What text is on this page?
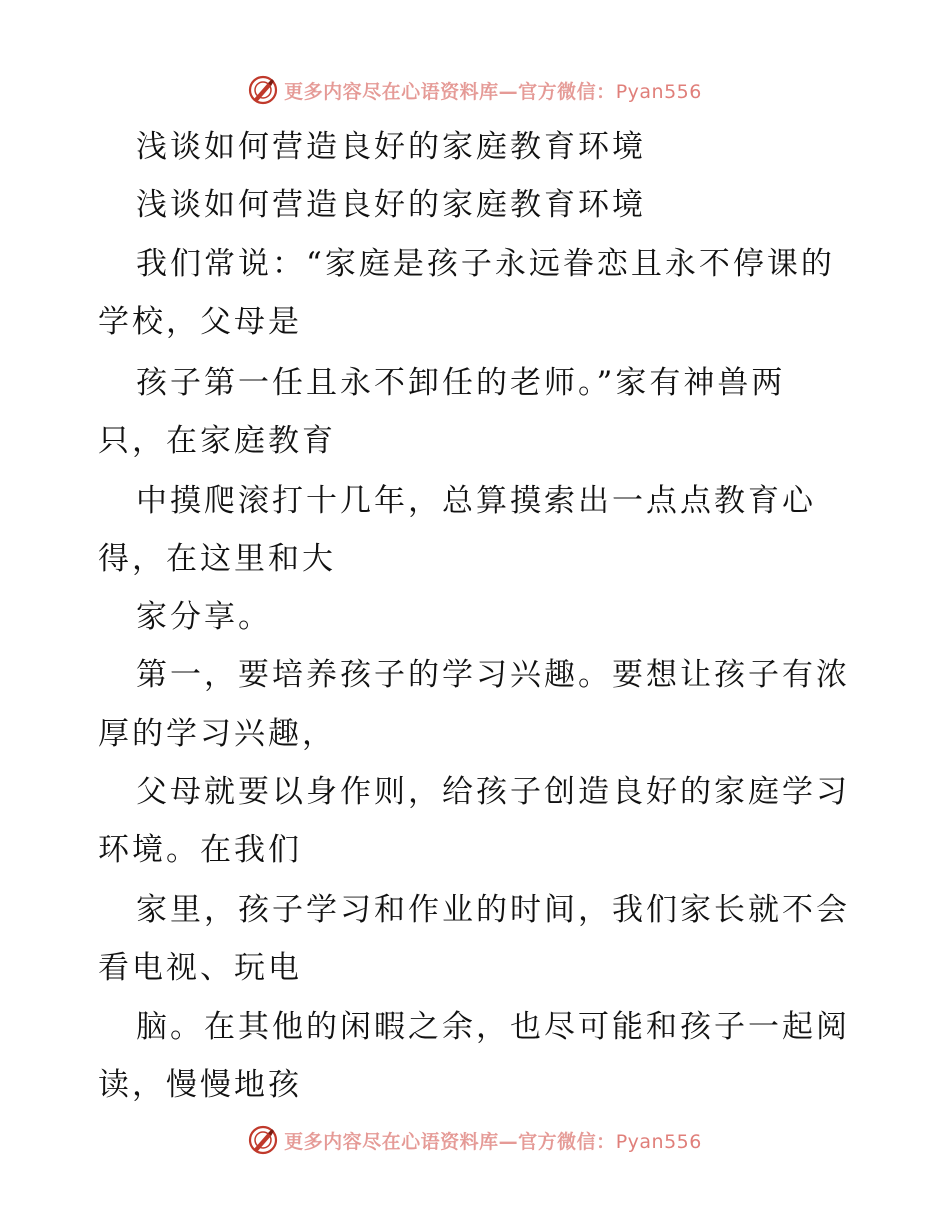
更多内容尽在心语资料库—官方微信：Pyan556
浅谈如何营造良好的家庭教育环境
浅谈如何营造良好的家庭教育环境
我们常说：“家庭是孩子永远眷恋且永不停课的
学校，父母是
孩子第一任且永不卸任的老师。”家有神兽两
只，在家庭教育
中摸爬滚打十几年，总算摸索出一点点教育心
得，在这里和大
家分享。
第一，要培养孩子的学习兴趣。要想让孩子有浓
厚的学习兴趣，
父母就要以身作则，给孩子创造良好的家庭学习
环境。在我们
家里，孩子学习和作业的时间，我们家长就不会
看电视、玩电
脑。在其他的闲暇之余，也尽可能和孩子一起阅
读，慢慢地孩
更多内容尽在心语资料库—官方微信：Pyan556
